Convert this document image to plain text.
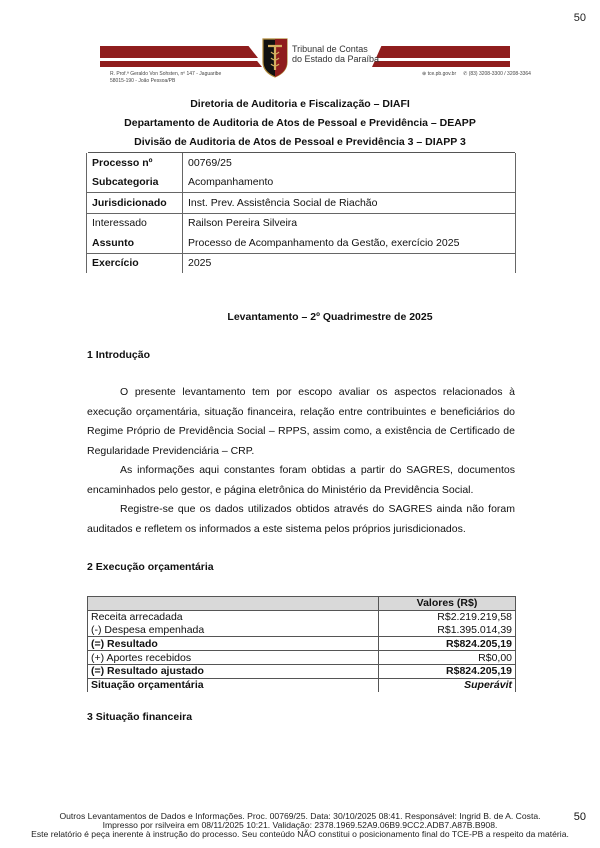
50
Tribunal de Contas
do Estado da Paraíba
R. Prof.ª Geraldo Von Sohsten, nº 147 - Jaguaribe
58015-190 - João Pessoa/PB
⊕ tce.pb.gov.br ✆ (83) 3208-3300 / 3208-3364
Diretoria de Auditoria e Fiscalização – DIAFI
Departamento de Auditoria de Atos de Pessoal e Previdência – DEAPP
Divisão de Auditoria de Atos de Pessoal e Previdência 3 – DIAPP 3
Processo nº	00769/25
Subcategoria	Acompanhamento
Jurisdicionado	Inst. Prev. Assistência Social de Riachão
Interessado	Railson Pereira Silveira
Assunto	Processo de Acompanhamento da Gestão, exercício 2025
Exercício	2025
Levantamento – 2º Quadrimestre de 2025
1 Introdução
O presente levantamento tem por escopo avaliar os aspectos relacionados à execução orçamentária, situação financeira, relação entre contribuintes e beneficiários do Regime Próprio de Previdência Social – RPPS, assim como, a existência de Certificado de Regularidade Previdenciária – CRP.
As informações aqui constantes foram obtidas a partir do SAGRES, documentos encaminhados pelo gestor, e página eletrônica do Ministério da Previdência Social.
Registre-se que os dados utilizados obtidos através do SAGRES ainda não foram auditados e refletem os informados a este sistema pelos próprios jurisdicionados.
2 Execução orçamentária
	Valores (R$)
Receita arrecadada	R$2.219.219,58
(-) Despesa empenhada	R$1.395.014,39
(=) Resultado	R$824.205,19
(+) Aportes recebidos	R$0,00
(=) Resultado ajustado	R$824.205,19
Situação orçamentária	Superávit
3 Situação financeira
Outros Levantamentos de Dados e Informações. Proc. 00769/25. Data: 30/10/2025 08:41. Responsável: Ingrid B. de A. Costa.
Impresso por rsilveira em 08/11/2025 10:21. Validação: 2378.1969.52A9.06B9.9CC2.ADB7.A87B.B908.
Este relatório é peça inerente à instrução do processo. Seu conteúdo NÃO constitui o posicionamento final do TCE-PB a respeito da matéria.
50
